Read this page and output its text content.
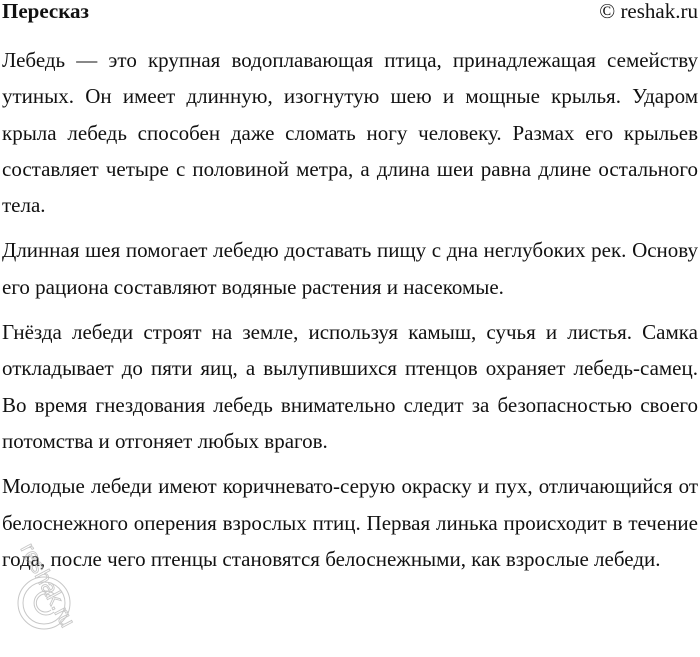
Пересказ	© reshak.ru

Лебедь — это крупная водоплавающая птица, принадлежащая семейству утиных. Он имеет длинную, изогнутую шею и мощные крылья. Ударом крыла лебедь способен даже сломать ногу человеку. Размах его крыльев составляет четыре с половиной метра, а длина шеи равна длине остального тела.

Длинная шея помогает лебедю доставать пищу с дна неглубоких рек. Основу его рациона составляют водяные растения и насекомые.

Гнёзда лебеди строят на земле, используя камыш, сучья и листья. Самка откладывает до пяти яиц, а вылупившихся птенцов охраняет лебедь-самец. Во время гнездования лебедь внимательно следит за безопасностью своего потомства и отгоняет любых врагов.

Молодые лебеди имеют коричневато-серую окраску и пух, отличающийся от белоснежного оперения взрослых птиц. Первая линька происходит в течение года, после чего птенцы становятся белоснежными, как взрослые лебеди.

reshak.ru
